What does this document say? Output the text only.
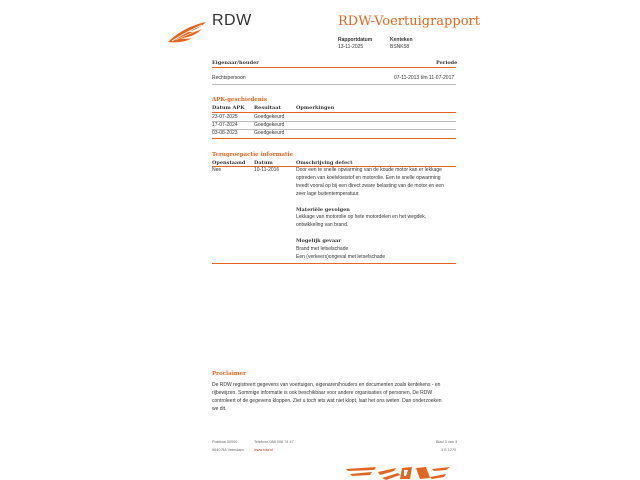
RDW	RDW-Voertuigrapport
Rapportdatum
13-11-2025
Kenteken
BSNK58
Eigenaar/houder	Periode
Rechtspersoon	07-11-2013 t/m 11-07-2017
APK-geschiedenis
Datum APK Resultaat	Opmerkingen
23-07-2025	Goedgekeurd
17-07-2024	Goedgekeurd
03-08-2023	Goedgekeurd
Terugroepactie informatie
Openstaand Datum	Omschrijving defect
Nee	10-11-2016	Door een te snelle opwarming van de koude motor kan er lekkage
optreden van koelvloeistof en motorolie. Een te snelle opwarming
treedt vooral op bij een direct zware belasting van de motor en een
zeer lage buitentemperatuur.
Materiële gevolgen
Lekkage van motorolie op hete motordelen en het wegdek,
ontwikkeling van brand.
Mogelijk gevaar
Brand met letselschade
Een (verkeers)ongeval met letselschade
Proclaimer
De RDW registreert gegevens van voertuigen, eigenaren/houders en documenten zoals kentekens - en
rijbewijzen. Sommige informatie is ook beschikbaar voor andere organisaties of personen. De RDW
controleert of de gegevens kloppen. Ziet u toch iets wat niet klopt, laat het ons weten. Dan onderzoeken
we dit.
Postbus 30000
9640 RA Veendam
Telefoon 088 008 74 47
www.rdw.nl
Blad 3 van 3
3 E 1270
